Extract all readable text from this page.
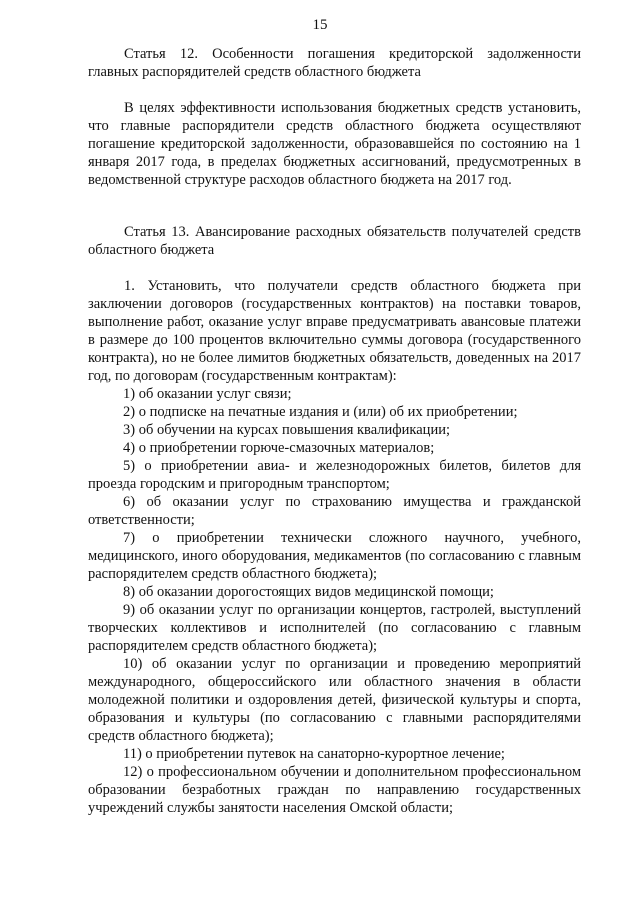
15

Статья 12. Особенности погашения кредиторской задолженности главных распорядителей средств областного бюджета

В целях эффективности использования бюджетных средств установить, что главные распорядители средств областного бюджета осуществляют погашение кредиторской задолженности, образовавшейся по состоянию на 1 января 2017 года, в пределах бюджетных ассигнований, предусмотренных в ведомственной структуре расходов областного бюджета на 2017 год.

Статья 13. Авансирование расходных обязательств получателей средств областного бюджета

1. Установить, что получатели средств областного бюджета при заключении договоров (государственных контрактов) на поставки товаров, выполнение работ, оказание услуг вправе предусматривать авансовые платежи в размере до 100 процентов включительно суммы договора (государственного контракта), но не более лимитов бюджетных обязательств, доведенных на 2017 год, по договорам (государственным контрактам):

1) об оказании услуг связи;

2) о подписке на печатные издания и (или) об их приобретении;

3) об обучении на курсах повышения квалификации;

4) о приобретении горюче-смазочных материалов;

5) о приобретении авиа- и железнодорожных билетов, билетов для проезда городским и пригородным транспортом;

6) об оказании услуг по страхованию имущества и гражданской ответственности;

7) о приобретении технически сложного научного, учебного, медицинского, иного оборудования, медикаментов (по согласованию с главным распорядителем средств областного бюджета);

8) об оказании дорогостоящих видов медицинской помощи;

9) об оказании услуг по организации концертов, гастролей, выступлений творческих коллективов и исполнителей (по согласованию с главным распорядителем средств областного бюджета);

10) об оказании услуг по организации и проведению мероприятий международного, общероссийского или областного значения в области молодежной политики и оздоровления детей, физической культуры и спорта, образования и культуры (по согласованию с главными распорядителями средств областного бюджета);

11) о приобретении путевок на санаторно-курортное лечение;

12) о профессиональном обучении и дополнительном профессиональном образовании безработных граждан по направлению государственных учреждений службы занятости населения Омской области;
